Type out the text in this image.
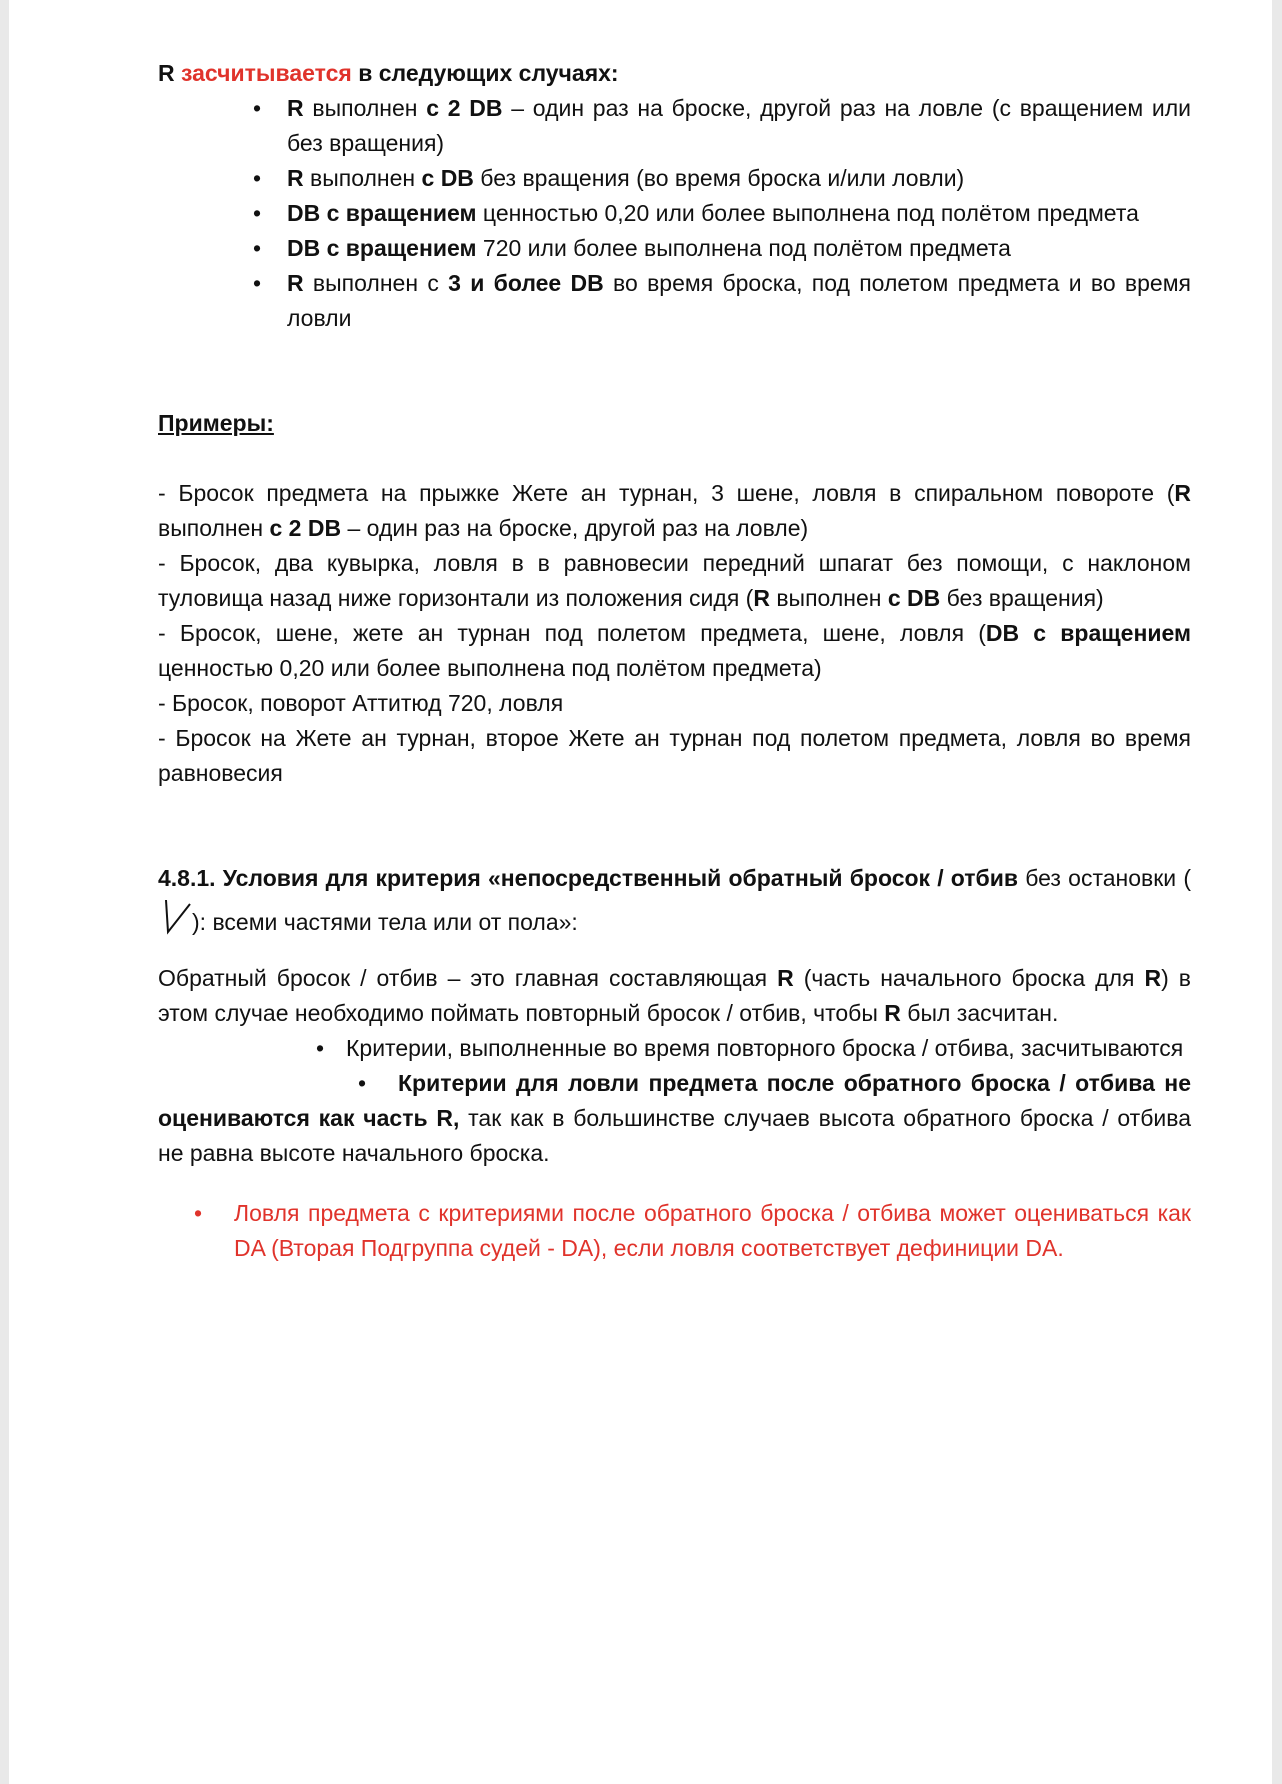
R засчитывается в следующих случаях:

• R выполнен с 2 DB – один раз на броске, другой раз на ловле (с вращением или без вращения)

• R выполнен с DB без вращения (во время броска и/или ловли)

• DB с вращением ценностью 0,20 или более выполнена под полётом предмета

• DB с вращением 720 или более выполнена под полётом предмета

• R выполнен с 3 и более DB во время броска, под полетом предмета и во время ловли

Примеры:

- Бросок предмета на прыжке Жете ан турнан, 3 шене, ловля в спиральном повороте (R выполнен с 2 DB – один раз на броске, другой раз на ловле)

- Бросок, два кувырка, ловля в в равновесии передний шпагат без помощи, с наклоном туловища назад ниже горизонтали из положения сидя (R выполнен с DB без вращения)

- Бросок, шене, жете ан турнан под полетом предмета, шене, ловля (DB с вращением ценностью 0,20 или более выполнена под полётом предмета)

- Бросок, поворот Аттитюд 720, ловля

- Бросок на Жете ан турнан, второе Жете ан турнан под полетом предмета, ловля во время равновесия

4.8.1. Условия для критерия «непосредственный обратный бросок / отбив без остановки (): всеми частями тела или от пола»:

Обратный бросок / отбив – это главная составляющая R (часть начального броска для R) в этом случае необходимо поймать повторный бросок / отбив, чтобы R был засчитан.

• Критерии, выполненные во время повторного броска / отбива, засчитываются

• Критерии для ловли предмета после обратного броска / отбива не оцениваются как часть R, так как в большинстве случаев высота обратного броска / отбива не равна высоте начального броска.

• Ловля предмета с критериями после обратного броска / отбива может оцениваться как DA (Вторая Подгруппа судей - DA), если ловля соответствует дефиниции DA.
